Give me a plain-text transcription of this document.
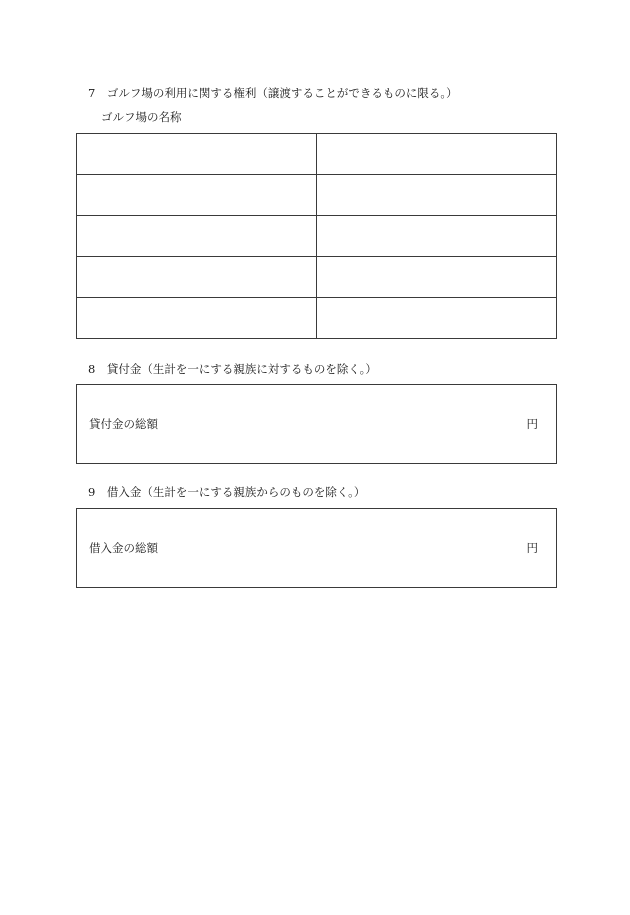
7　ゴルフ場の利用に関する権利（譲渡することができるものに限る。）
ゴルフ場の名称

8　貸付金（生計を一にする親族に対するものを除く。）
貸付金の総額	円
9　借入金（生計を一にする親族からのものを除く。）
借入金の総額	円
